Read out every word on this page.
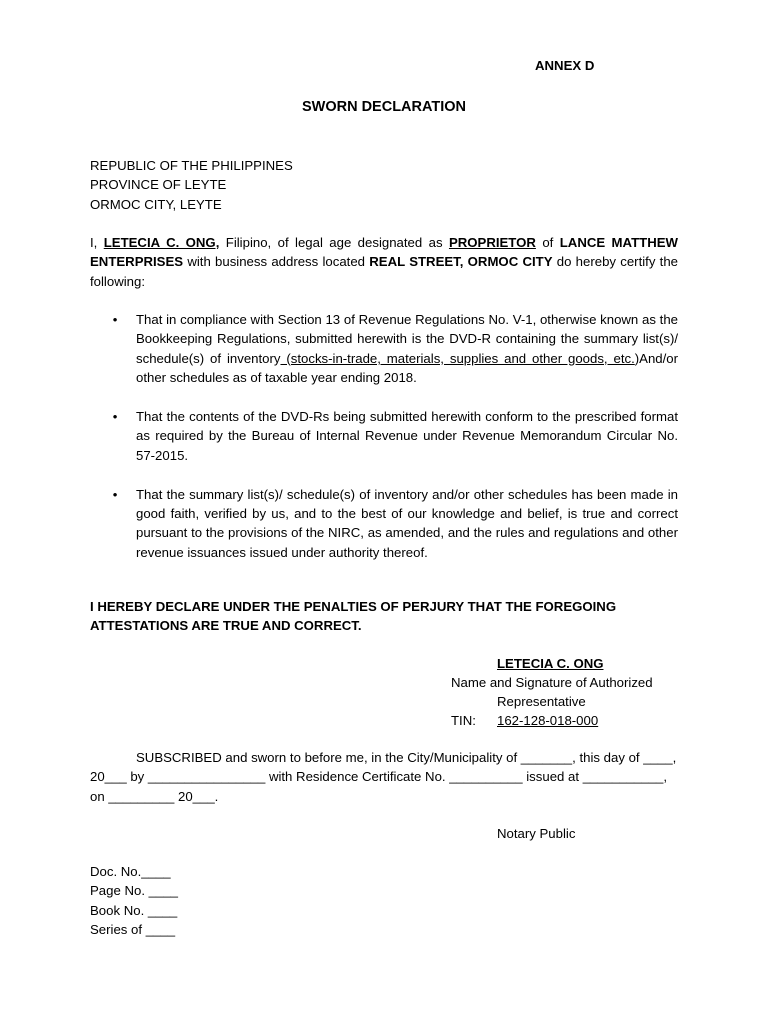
ANNEX D
SWORN DECLARATION
REPUBLIC OF THE PHILIPPINES
PROVINCE OF LEYTE
ORMOC CITY, LEYTE
I, LETECIA C. ONG, Filipino, of legal age designated as PROPRIETOR of LANCE MATTHEW ENTERPRISES with business address located REAL STREET, ORMOC CITY do hereby certify the following:
•	That in compliance with Section 13 of Revenue Regulations No. V-1, otherwise known as the Bookkeeping Regulations, submitted herewith is the DVD-R containing the summary list(s)/ schedule(s) of inventory (stocks-in-trade, materials, supplies and other goods, etc.)And/or other schedules as of taxable year ending 2018.
•	That the contents of the DVD-Rs being submitted herewith conform to the prescribed format as required by the Bureau of Internal Revenue under Revenue Memorandum Circular No. 57-2015.
•	That the summary list(s)/ schedule(s) of inventory and/or other schedules has been made in good faith, verified by us, and to the best of our knowledge and belief, is true and correct pursuant to the provisions of the NIRC, as amended, and the rules and regulations and other revenue issuances issued under authority thereof.
I HEREBY DECLARE UNDER THE PENALTIES OF PERJURY THAT THE FOREGOING ATTESTATIONS ARE TRUE AND CORRECT.
LETECIA C. ONG
Name and Signature of Authorized
Representative
TIN: 162-128-018-000
SUBSCRIBED and sworn to before me, in the City/Municipality of _______, this day of ____,
20___ by ________________ with Residence Certificate No. __________ issued at ___________,
on _________ 20___.
Notary Public
Doc. No.____
Page No. ____
Book No. ____
Series of ____
